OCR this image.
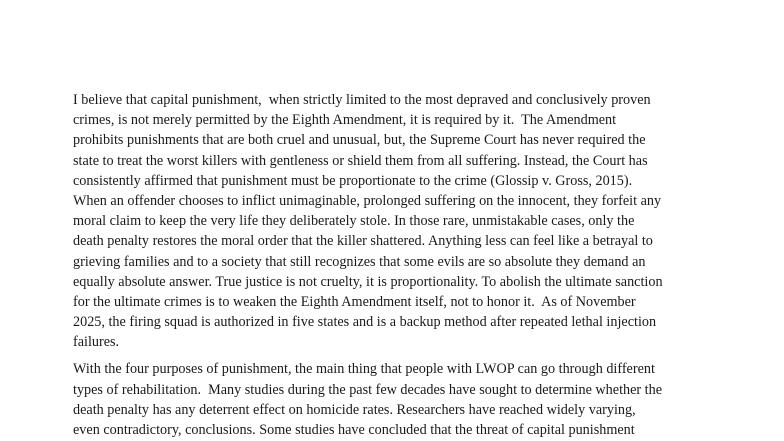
I believe that capital punishment,  when strictly limited to the most depraved and conclusively proven
crimes, is not merely permitted by the Eighth Amendment, it is required by it.  The Amendment
prohibits punishments that are both cruel and unusual, but, the Supreme Court has never required the
state to treat the worst killers with gentleness or shield them from all suffering. Instead, the Court has
consistently affirmed that punishment must be proportionate to the crime (Glossip v. Gross, 2015).
When an offender chooses to inflict unimaginable, prolonged suffering on the innocent, they forfeit any
moral claim to keep the very life they deliberately stole. In those rare, unmistakable cases, only the
death penalty restores the moral order that the killer shattered. Anything less can feel like a betrayal to
grieving families and to a society that still recognizes that some evils are so absolute they demand an
equally absolute answer. True justice is not cruelty, it is proportionality. To abolish the ultimate sanction
for the ultimate crimes is to weaken the Eighth Amendment itself, not to honor it.  As of November
2025, the firing squad is authorized in five states and is a backup method after repeated lethal injection
failures.
With the four purposes of punishment, the main thing that people with LWOP can go through different
types of rehabilitation.  Many studies during the past few decades have sought to determine whether the
death penalty has any deterrent effect on homicide rates. Researchers have reached widely varying,
even contradictory, conclusions. Some studies have concluded that the threat of capital punishment
